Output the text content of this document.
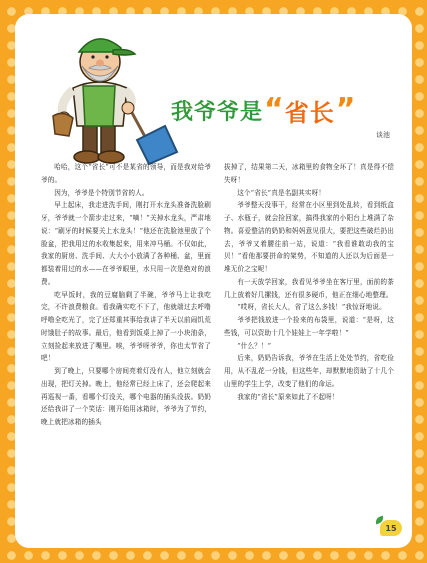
我爷爷是 “ 省长 ”
谈池

哈哈，这个“省长”可不是某省的领导，而是我对给爷爷的。

因为，爷爷是个特别节省的人。

早上起床，我走进洗手间，刚打开水龙头准备洗脸刷牙，爷爷就一个箭步走过来，“嘀！”关掉水龙头，严肃地说：“刷牙的时候要关上水龙头！”他还在洗脸池里放了个脸盆，把我用过的水收集起来，用来冲马桶。不仅如此，我家的厨房、洗手间、大大小小放满了各种桶、盆，里面都装着用过的水——在爷爷眼里，水只用一次是绝对的浪费。

吃早饭时，我的豆腐脑剩了半碗，爷爷马上让我吃完，不许浪费粮食。看我确实吃不下了，他就端过去呼噜呼噜全吃光了，完了还郑重其事给我讲了半天以前闹饥荒时饿肚子的故事。最后，他看到饭桌上掉了一小块油条，立刻捡起来放进了嘴里。唉，爷爷呀爷爷，你也太节省了吧！

到了晚上，只要哪个房间亮着灯没有人，他立刻就会出现，把灯关掉。晚上，他经常已经上床了，还会爬起来再巡视一番，看哪个灯没关，哪个电器的插头没拔。奶奶还给我讲了一个笑话：刚开始用冰箱时，爷爷为了节约，晚上就把冰箱的插头

拔掉了，结果第二天，冰箱里的食物全坏了！真是得不偿失呀！

这个“省长”真是名副其实呀！

爷爷整天没事干，经常在小区里到处乱转，看到纸盒子、水瓶子，就会捡回家，搞得我家的小阳台上堆满了杂物。喜爱整洁的奶奶和妈妈意见很大，要把这些破烂扔出去，爷爷又着腰往前一站，说道：“我看谁敢动我的宝贝！”看他那要拼命的架势，不知道的人还以为后面是一堆无价之宝呢！

有一天放学回家，我看见爷爷坐在客厅里，面前的茶几上放着好几摞钱，还有很多硬币，他正在细心地整理。

“哎呀，省长大人，省了这么多钱！”我惊讶地说。

爷爷把钱放进一个捡来的布袋里，说道：“是呀，这些钱，可以资助十几个娃娃上一年学啦！”

“什么？！”

后来，奶奶告诉我，爷爷在生活上处处节约，省吃俭用，从不乱花一分钱，但这些年，却默默地资助了十几个山里的学生上学，改变了他们的命运。

我家的“省长”原来如此了不起呀！

15
